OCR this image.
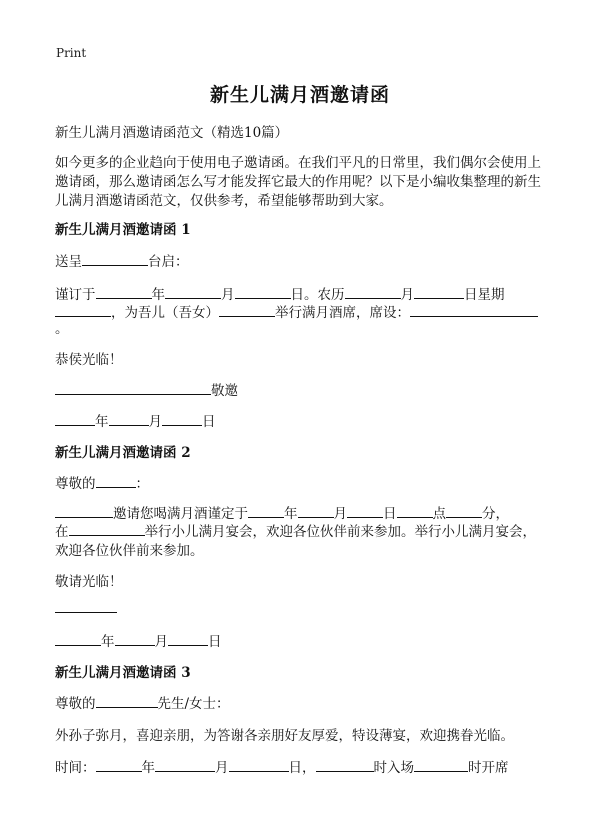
Print
新生儿满月酒邀请函
新生儿满月酒邀请函范文（精选10篇）
如今更多的企业趋向于使用电子邀请函。在我们平凡的日常里，我们偶尔会使用上
邀请函，那么邀请函怎么写才能发挥它最大的作用呢？以下是小编收集整理的新生
儿满月酒邀请函范文，仅供参考，希望能够帮助到大家。
新生儿满月酒邀请函 1
送呈	台启：
谨订于	年	月	日。农历	月	日星期
，为吾儿（吾女）	举行满月酒席，席设：
。
恭侯光临！
敬邀
年	月	日
新生儿满月酒邀请函 2
尊敬的	：
邀请您喝满月酒谨定于	年	月	日	点	分，
在	举行小儿满月宴会，欢迎各位伙伴前来参加。举行小儿满月宴会，
欢迎各位伙伴前来参加。
敬请光临！
年	月	日
新生儿满月酒邀请函 3
尊敬的	先生/女士：
外孙子弥月，喜迎亲朋，为答谢各亲朋好友厚爱，特设薄宴，欢迎携眷光临。
时间：	年	月	日，	时入场	时开席
